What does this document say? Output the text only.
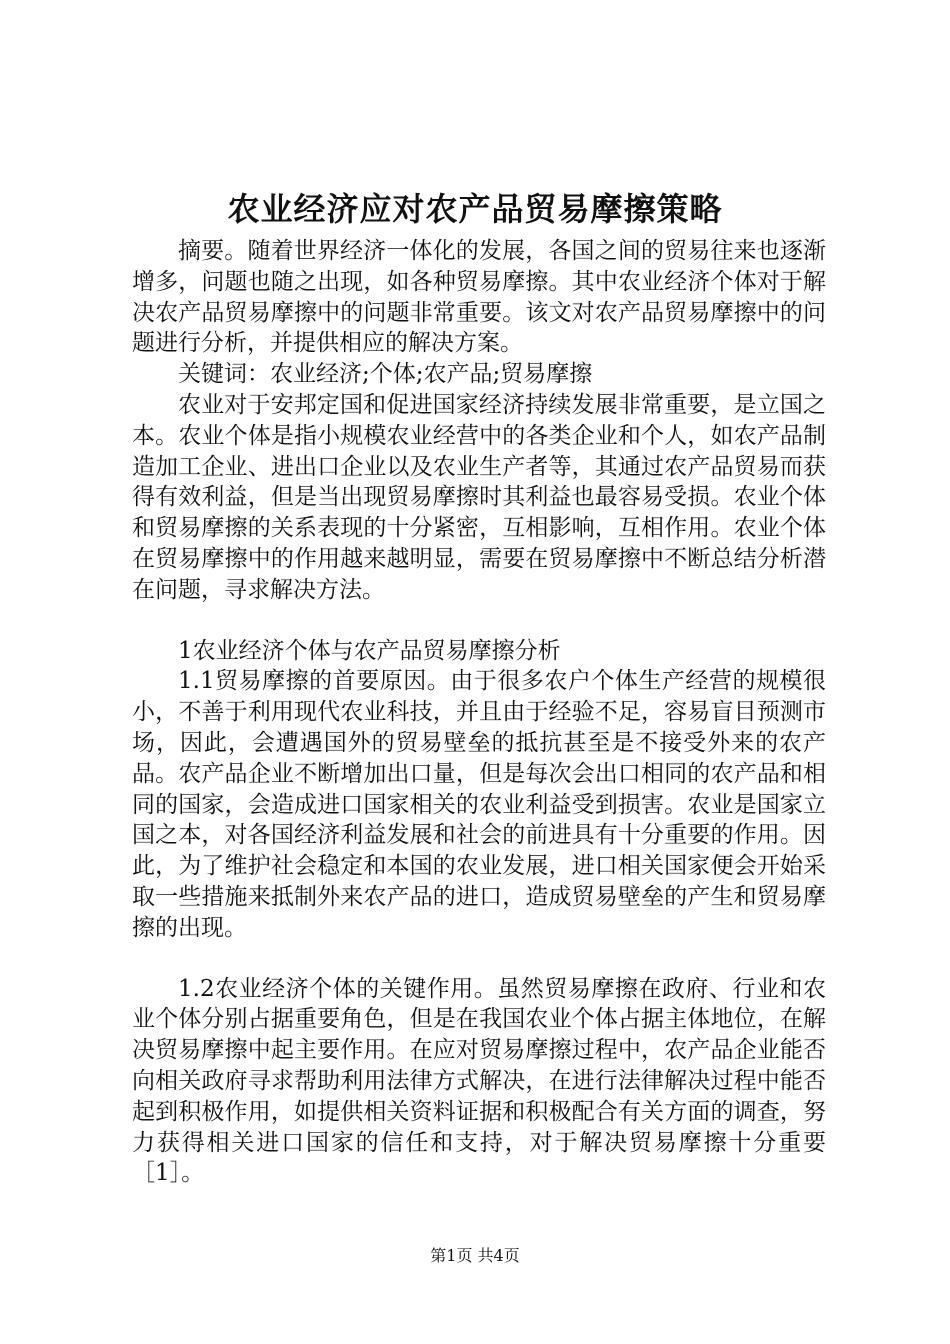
农业经济应对农产品贸易摩擦策略

摘要。随着世界经济一体化的发展，各国之间的贸易往来也逐渐增多，问题也随之出现，如各种贸易摩擦。其中农业经济个体对于解决农产品贸易摩擦中的问题非常重要。该文对农产品贸易摩擦中的问题进行分析，并提供相应的解决方案。

关键词：农业经济;个体;农产品;贸易摩擦

农业对于安邦定国和促进国家经济持续发展非常重要，是立国之本。农业个体是指小规模农业经营中的各类企业和个人，如农产品制造加工企业、进出口企业以及农业生产者等，其通过农产品贸易而获得有效利益，但是当出现贸易摩擦时其利益也最容易受损。农业个体和贸易摩擦的关系表现的十分紧密，互相影响，互相作用。农业个体在贸易摩擦中的作用越来越明显，需要在贸易摩擦中不断总结分析潜在问题，寻求解决方法。

1农业经济个体与农产品贸易摩擦分析

1.1贸易摩擦的首要原因。由于很多农户个体生产经营的规模很小，不善于利用现代农业科技，并且由于经验不足，容易盲目预测市场，因此，会遭遇国外的贸易壁垒的抵抗甚至是不接受外来的农产品。农产品企业不断增加出口量，但是每次会出口相同的农产品和相同的国家，会造成进口国家相关的农业利益受到损害。农业是国家立国之本，对各国经济利益发展和社会的前进具有十分重要的作用。因此，为了维护社会稳定和本国的农业发展，进口相关国家便会开始采取一些措施来抵制外来农产品的进口，造成贸易壁垒的产生和贸易摩擦的出现。

1.2农业经济个体的关键作用。虽然贸易摩擦在政府、行业和农业个体分别占据重要角色，但是在我国农业个体占据主体地位，在解决贸易摩擦中起主要作用。在应对贸易摩擦过程中，农产品企业能否向相关政府寻求帮助利用法律方式解决，在进行法律解决过程中能否起到积极作用，如提供相关资料证据和积极配合有关方面的调查，努力获得相关进口国家的信任和支持，对于解决贸易摩擦十分重要［1］。

第1页 共4页
